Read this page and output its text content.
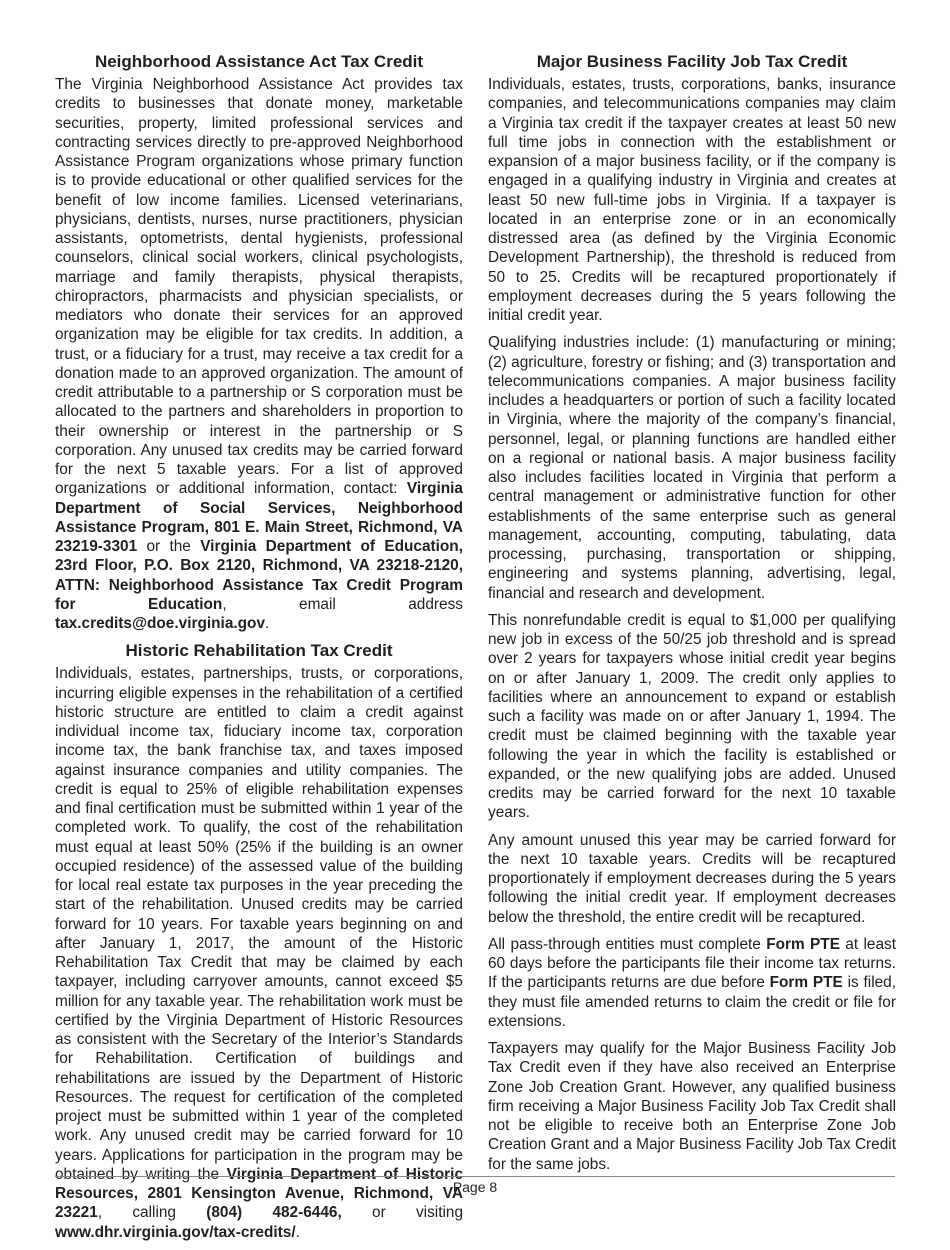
Neighborhood Assistance Act Tax Credit

The Virginia Neighborhood Assistance Act provides tax credits to businesses that donate money, marketable securities, property, limited professional services and contracting services directly to pre-approved Neighborhood Assistance Program organizations whose primary function is to provide educational or other qualified services for the benefit of low income families. Licensed veterinarians, physicians, dentists, nurses, nurse practitioners, physician assistants, optometrists, dental hygienists, professional counselors, clinical social workers, clinical psychologists, marriage and family therapists, physical therapists, chiropractors, pharmacists and physician specialists, or mediators who donate their services for an approved organization may be eligible for tax credits. In addition, a trust, or a fiduciary for a trust, may receive a tax credit for a donation made to an approved organization. The amount of credit attributable to a partnership or S corporation must be allocated to the partners and shareholders in proportion to their ownership or interest in the partnership or S corporation. Any unused tax credits may be carried forward for the next 5 taxable years. For a list of approved organizations or additional information, contact: Virginia Department of Social Services, Neighborhood Assistance Program, 801 E. Main Street, Richmond, VA 23219-3301 or the Virginia Department of Education, 23rd Floor, P.O. Box 2120, Richmond, VA 23218-2120, ATTN: Neighborhood Assistance Tax Credit Program for Education, email address tax.credits@doe.virginia.gov.

Historic Rehabilitation Tax Credit

Individuals, estates, partnerships, trusts, or corporations, incurring eligible expenses in the rehabilitation of a certified historic structure are entitled to claim a credit against individual income tax, fiduciary income tax, corporation income tax, the bank franchise tax, and taxes imposed against insurance companies and utility companies. The credit is equal to 25% of eligible rehabilitation expenses and final certification must be submitted within 1 year of the completed work. To qualify, the cost of the rehabilitation must equal at least 50% (25% if the building is an owner occupied residence) of the assessed value of the building for local real estate tax purposes in the year preceding the start of the rehabilitation. Unused credits may be carried forward for 10 years. For taxable years beginning on and after January 1, 2017, the amount of the Historic Rehabilitation Tax Credit that may be claimed by each taxpayer, including carryover amounts, cannot exceed $5 million for any taxable year. The rehabilitation work must be certified by the Virginia Department of Historic Resources as consistent with the Secretary of the Interior’s Standards for Rehabilitation. Certification of buildings and rehabilitations are issued by the Department of Historic Resources. The request for certification of the completed project must be submitted within 1 year of the completed work. Any unused credit may be carried forward for 10 years. Applications for participation in the program may be obtained by writing the Virginia Department of Historic Resources, 2801 Kensington Avenue, Richmond, VA 23221, calling (804) 482-6446, or visiting www.dhr.virginia.gov/tax-credits/.

Major Business Facility Job Tax Credit

Individuals, estates, trusts, corporations, banks, insurance companies, and telecommunications companies may claim a Virginia tax credit if the taxpayer creates at least 50 new full time jobs in connection with the establishment or expansion of a major business facility, or if the company is engaged in a qualifying industry in Virginia and creates at least 50 new full-time jobs in Virginia. If a taxpayer is located in an enterprise zone or in an economically distressed area (as defined by the Virginia Economic Development Partnership), the threshold is reduced from 50 to 25. Credits will be recaptured proportionately if employment decreases during the 5 years following the initial credit year.

Qualifying industries include: (1) manufacturing or mining; (2) agriculture, forestry or fishing; and (3) transportation and telecommunications companies. A major business facility includes a headquarters or portion of such a facility located in Virginia, where the majority of the company’s financial, personnel, legal, or planning functions are handled either on a regional or national basis. A major business facility also includes facilities located in Virginia that perform a central management or administrative function for other establishments of the same enterprise such as general management, accounting, computing, tabulating, data processing, purchasing, transportation or shipping, engineering and systems planning, advertising, legal, financial and research and development.

This nonrefundable credit is equal to $1,000 per qualifying new job in excess of the 50/25 job threshold and is spread over 2 years for taxpayers whose initial credit year begins on or after January 1, 2009. The credit only applies to facilities where an announcement to expand or establish such a facility was made on or after January 1, 1994. The credit must be claimed beginning with the taxable year following the year in which the facility is established or expanded, or the new qualifying jobs are added. Unused credits may be carried forward for the next 10 taxable years.

Any amount unused this year may be carried forward for the next 10 taxable years. Credits will be recaptured proportionately if employment decreases during the 5 years following the initial credit year. If employment decreases below the threshold, the entire credit will be recaptured.

All pass-through entities must complete Form PTE at least 60 days before the participants file their income tax returns. If the participants returns are due before Form PTE is filed, they must file amended returns to claim the credit or file for extensions.

Taxpayers may qualify for the Major Business Facility Job Tax Credit even if they have also received an Enterprise Zone Job Creation Grant. However, any qualified business firm receiving a Major Business Facility Job Tax Credit shall not be eligible to receive both an Enterprise Zone Job Creation Grant and a Major Business Facility Job Tax Credit for the same jobs.

Page 8
